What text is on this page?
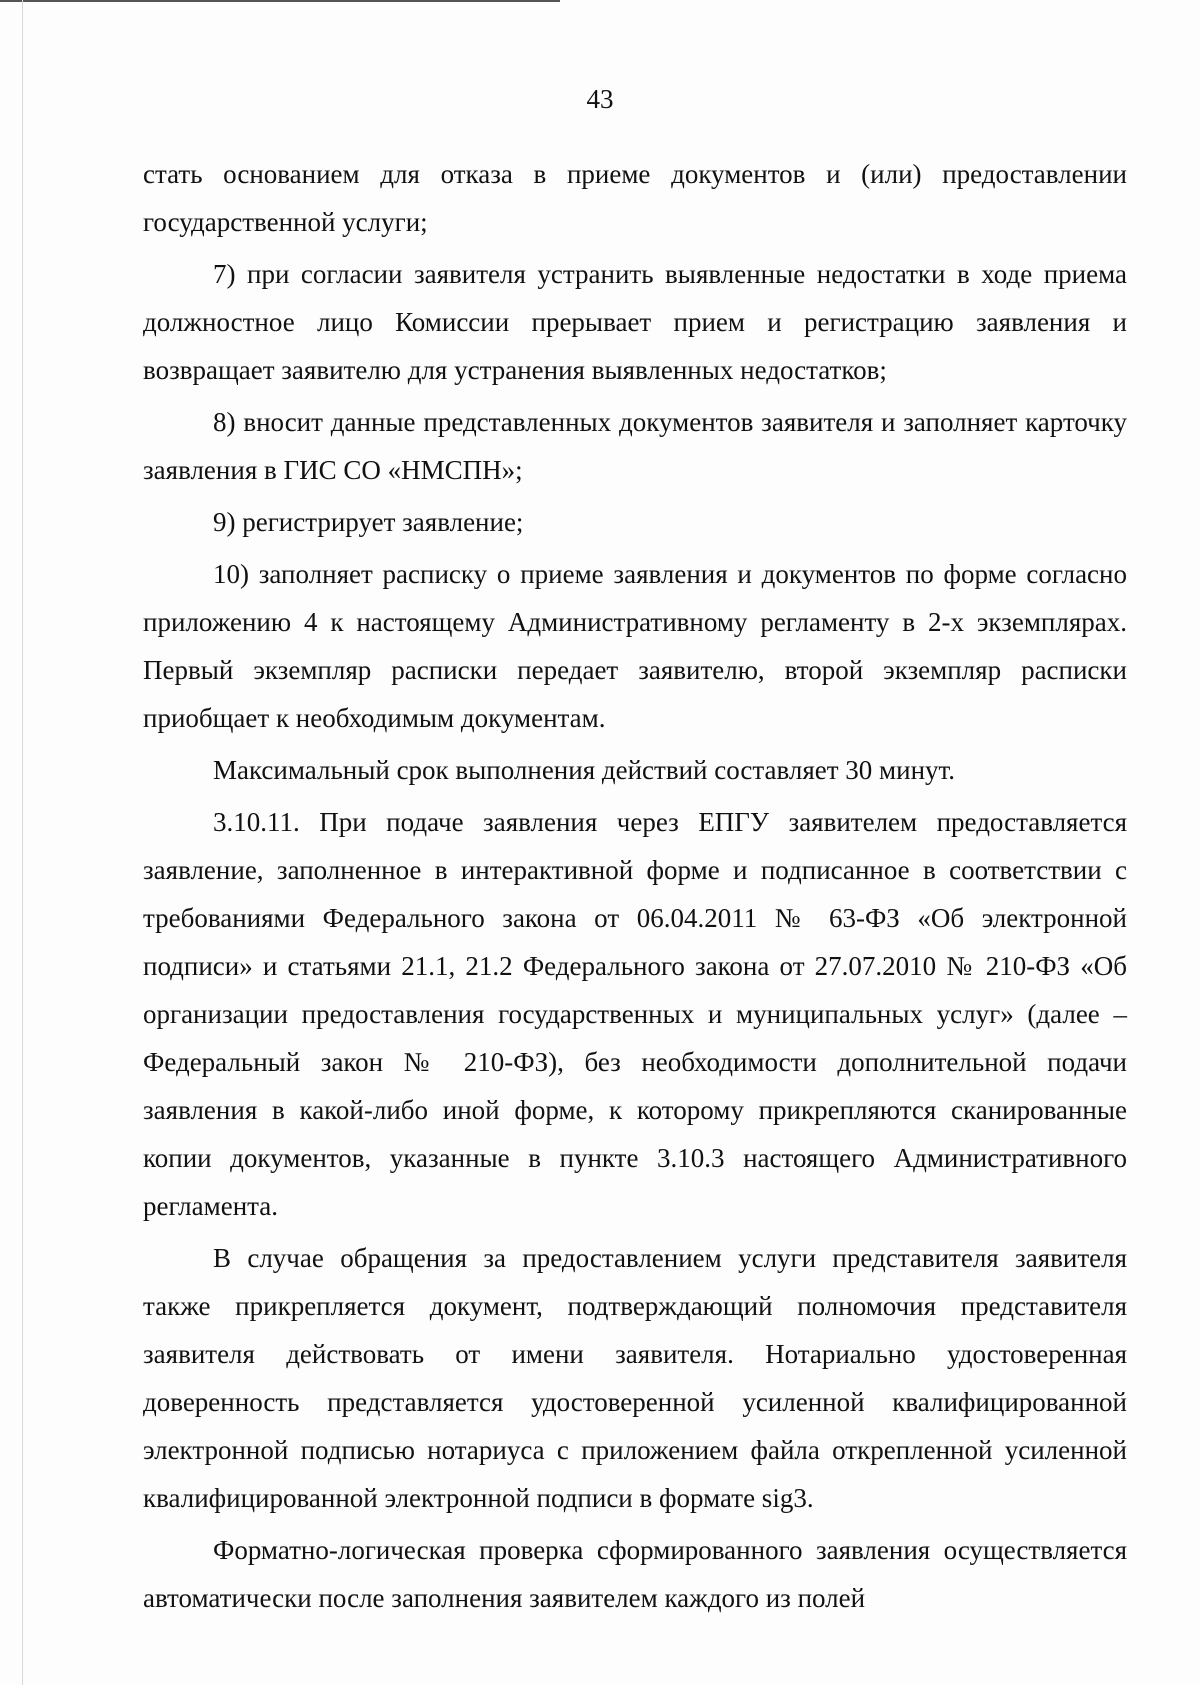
43

стать основанием для отказа в приеме документов и (или) предоставлении государственной услуги;

7) при согласии заявителя устранить выявленные недостатки в ходе приема должностное лицо Комиссии прерывает прием и регистрацию заявления и возвращает заявителю для устранения выявленных недостатков;

8) вносит данные представленных документов заявителя и заполняет карточку заявления в ГИС СО «НМСПН»;

9) регистрирует заявление;

10) заполняет расписку о приеме заявления и документов по форме согласно приложению 4 к настоящему Административному регламенту в 2-х экземплярах. Первый экземпляр расписки передает заявителю, второй экземпляр расписки приобщает к необходимым документам.

Максимальный срок выполнения действий составляет 30 минут.

3.10.11. При подаче заявления через ЕПГУ заявителем предоставляется заявление, заполненное в интерактивной форме и подписанное в соответствии с требованиями Федерального закона от 06.04.2011 № 63-ФЗ «Об электронной подписи» и статьями 21.1, 21.2 Федерального закона от 27.07.2010 № 210-ФЗ «Об организации предоставления государственных и муниципальных услуг» (далее – Федеральный закон № 210-ФЗ), без необходимости дополнительной подачи заявления в какой-либо иной форме, к которому прикрепляются сканированные копии документов, указанные в пункте 3.10.3 настоящего Административного регламента.

В случае обращения за предоставлением услуги представителя заявителя также прикрепляется документ, подтверждающий полномочия представителя заявителя действовать от имени заявителя. Нотариально удостоверенная доверенность представляется удостоверенной усиленной квалифицированной электронной подписью нотариуса с приложением файла открепленной усиленной квалифицированной электронной подписи в формате sig3.

Форматно-логическая проверка сформированного заявления осуществляется автоматически после заполнения заявителем каждого из полей
